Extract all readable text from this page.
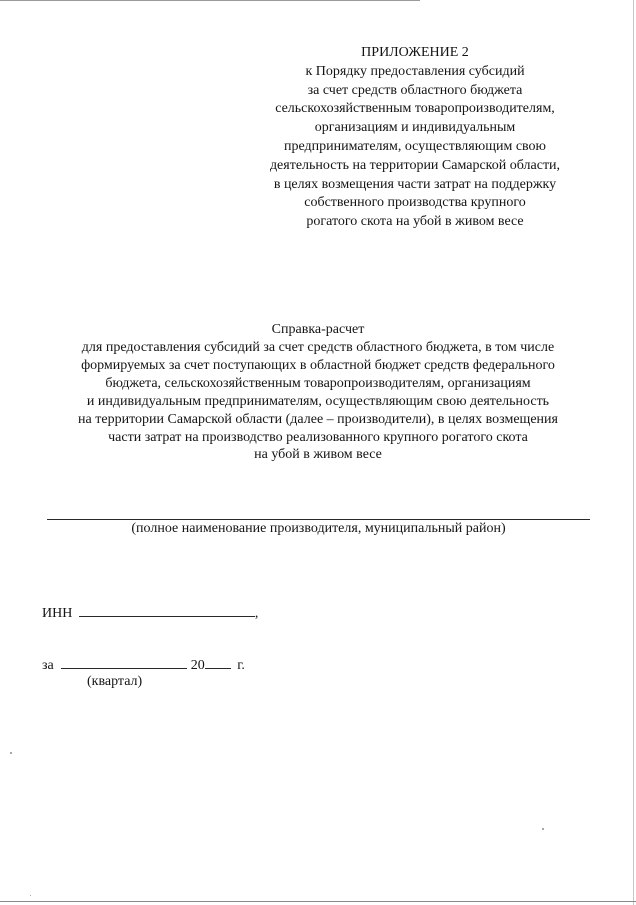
ПРИЛОЖЕНИЕ 2
к Порядку предоставления субсидий
за счет средств областного бюджета
сельскохозяйственным товаропроизводителям,
организациям и индивидуальным
предпринимателям, осуществляющим свою
деятельность на территории Самарской области,
в целях возмещения части затрат на поддержку
собственного производства крупного
рогатого скота на убой в живом весе
Справка-расчет
для предоставления субсидий за счет средств областного бюджета, в том числе
формируемых за счет поступающих в областной бюджет средств федерального
бюджета, сельскохозяйственным товаропроизводителям, организациям
и индивидуальным предпринимателям, осуществляющим свою деятельность
на территории Самарской области (далее – производители), в целях возмещения
части затрат на производство реализованного крупного рогатого скота
на убой в живом весе
(полное наименование производителя, муниципальный район)
ИНН	,
за	20 г.
(квартал)
